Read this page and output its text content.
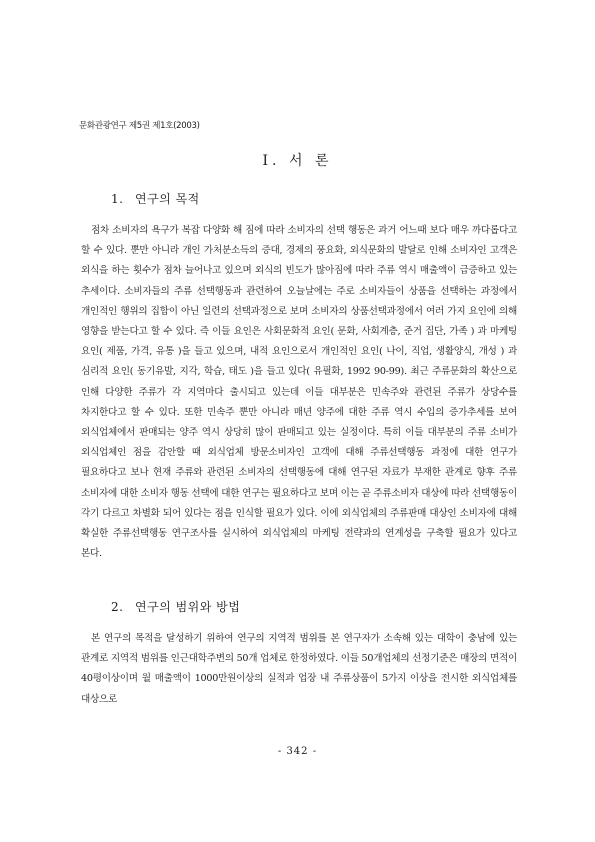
문화관광연구 제5권 제1호(2003)
Ⅰ. 서 론
1. 연구의 목적
점차 소비자의 욕구가 복잡 다양화 해 짐에 따라 소비자의 선택 행동은 과거 어느때 보다 매우 까다롭다고 할 수 있다. 뿐만 아니라 개인 가처분소득의 증대, 경제의 풍요화, 외식문화의 발달로 인해 소비자인 고객은 외식을 하는 횟수가 점차 늘어나고 있으며 외식의 빈도가 많아짐에 따라 주류 역시 매출액이 급증하고 있는 추세이다. 소비자들의 주류 선택행동과 관련하여 오늘날에는 주로 소비자들이 상품을 선택하는 과정에서 개인적인 행위의 집합이 아닌 일련의 선택과정으로 보며 소비자의 상품선택과정에서 여러 가지 요인에 의해 영향을 받는다고 할 수 있다. 즉 이들 요인은 사회문화적 요인( 문화, 사회계층, 준거 집단, 가족 ) 과 마케팅 요인( 제품, 가격, 유통 )을 들고 있으며, 내적 요인으로서 개인적인 요인( 나이, 직업, 생활양식, 개성 ) 과 심리적 요인( 동기유발, 지각, 학습, 태도 )을 들고 있다( 유필화, 1992 90-99). 최근 주류문화의 확산으로 인해 다양한 주류가 각 지역마다 출시되고 있는데 이들 대부분은 민속주와 관련된 주류가 상당수를 차지한다고 할 수 있다. 또한 민속주 뿐만 아니라 매년 양주에 대한 주류 역시 수입의 증가추세를 보여 외식업체에서 판매되는 양주 역시 상당히 많이 판매되고 있는 실정이다. 특히 이들 대부분의 주류 소비가 외식업체인 점을 감안할 때 외식업체 방문소비자인 고객에 대해 주류선택행동 과정에 대한 연구가 필요하다고 보나 현재 주류와 관련된 소비자의 선택행동에 대해 연구된 자료가 부재한 관계로 향후 주류 소비자에 대한 소비자 행동 선택에 대한 연구는 필요하다고 보며 이는 곧 주류소비자 대상에 따라 선택행동이 각기 다르고 차별화 되어 있다는 점을 인식할 필요가 있다. 이에 외식업체의 주류판매 대상인 소비자에 대해 확실한 주류선택행동 연구조사를 실시하여 외식업체의 마케팅 전략과의 연계성을 구축할 필요가 있다고 본다.
2. 연구의 범위와 방법
본 연구의 목적을 달성하기 위하여 연구의 지역적 범위를 본 연구자가 소속해 있는 대학이 충남에 있는 관계로 지역적 범위를 인근대학주변의 50개 업체로 한정하였다. 이들 50개업체의 선정기준은 매장의 면적이 40평이상이며 월 매출액이 1000만원이상의 실적과 업장 내 주류상품이 5가지 이상을 전시한 외식업체를 대상으로
- 342 -
